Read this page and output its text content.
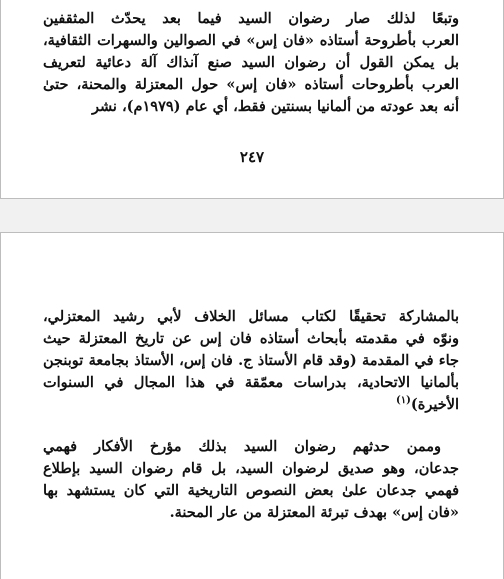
وتبعًا لذلك صار رضوان السيد فيما بعد يحدّث المثقفين
العرب بأطروحة أستاذه «فان إس» في الصوالين والسهرات الثقافية،
بل يمكن القول أن رضوان السيد صنع آنذاك آلة دعائية لتعريف
العرب بأطروحات أستاذه «فان إس» حول المعتزلة والمحنة، حتىٰ
أنه بعد عودته من ألمانيا بسنتين فقط، أي عام (١٩٧٩م)، نشر
٢٤٧
بالمشاركة تحقيقًا لكتاب مسائل الخلاف لأبي رشيد المعتزلي،
ونوّه في مقدمته بأبحاث أستاذه فان إس عن تاريخ المعتزلة حيث
جاء في المقدمة (وقد قام الأستاذ ج. فان إس، الأستاذ بجامعة توبنجن
بألمانيا الاتحادية، بدراسات معمّقة في هذا المجال في السنوات
الأخيرة)$^{(١)}$
وممن حدثهم رضوان السيد بذلك مؤرخ الأفكار فهمي
جدعان، وهو صديق لرضوان السيد، بل قام رضوان السيد بإطلاع
فهمي جدعان علىٰ بعض النصوص التاريخية التي كان يستشهد بها
«فان إس» بهدف تبرئة المعتزلة من عار المحنة.
